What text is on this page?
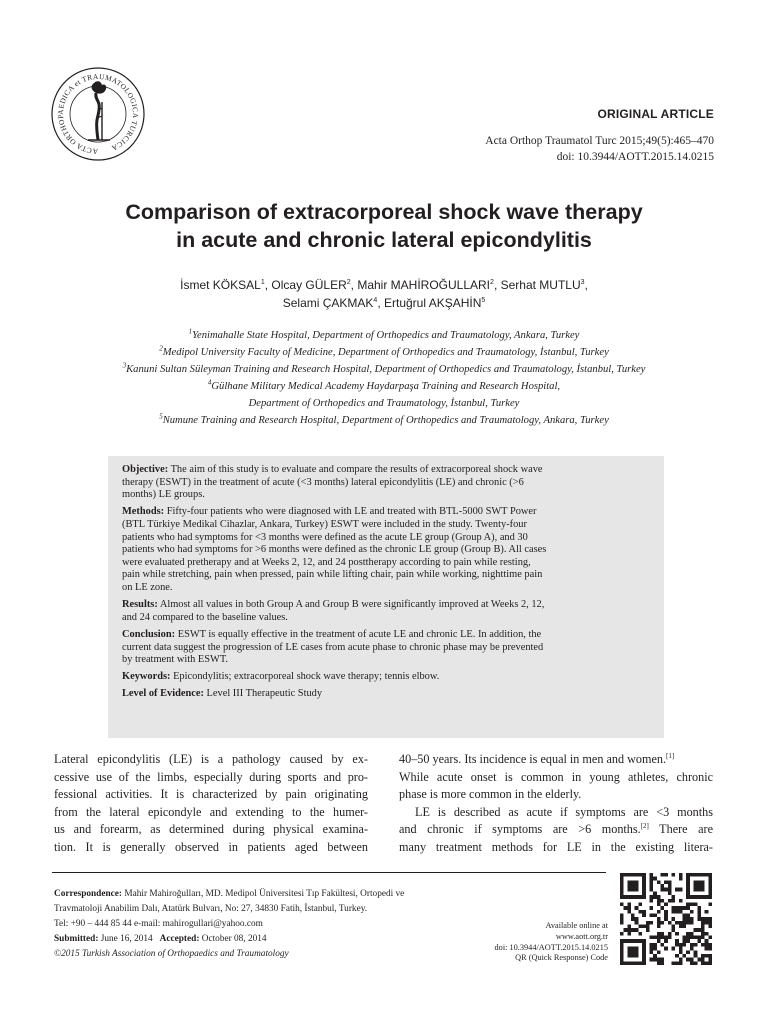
ACTA ORTHOPAEDICA et TRAUMATOLOGICA TURCICA
ORIGINAL ARTICLE
Acta Orthop Traumatol Turc 2015;49(5):465–470
doi: 10.3944/AOTT.2015.14.0215
Comparison of extracorporeal shock wave therapy
in acute and chronic lateral epicondylitis
İsmet KÖKSAL$^1$, Olcay GÜLER$^2$, Mahir MAHİROĞULLARI$^2$, Serhat MUTLU$^3$,
Selami ÇAKMAK$^4$, Ertuğrul AKŞAHİN$^5$
$^1$Yenimahalle State Hospital, Department of Orthopedics and Traumatology, Ankara, Turkey
$^2$Medipol University Faculty of Medicine, Department of Orthopedics and Traumatology, İstanbul, Turkey
$^3$Kanuni Sultan Süleyman Training and Research Hospital, Department of Orthopedics and Traumatology, İstanbul, Turkey
$^4$Gülhane Military Medical Academy Haydarpaşa Training and Research Hospital,
Department of Orthopedics and Traumatology, İstanbul, Turkey
$^5$Numune Training and Research Hospital, Department of Orthopedics and Traumatology, Ankara, Turkey
Objective: The aim of this study is to evaluate and compare the results of extracorporeal shock wave
therapy (ESWT) in the treatment of acute (<3 months) lateral epicondylitis (LE) and chronic (>6
months) LE groups.
Methods: Fifty-four patients who were diagnosed with LE and treated with BTL-5000 SWT Power
(BTL Türkiye Medikal Cihazlar, Ankara, Turkey) ESWT were included in the study. Twenty-four
patients who had symptoms for <3 months were defined as the acute LE group (Group A), and 30
patients who had symptoms for >6 months were defined as the chronic LE group (Group B). All cases
were evaluated pretherapy and at Weeks 2, 12, and 24 posttherapy according to pain while resting,
pain while stretching, pain when pressed, pain while lifting chair, pain while working, nighttime pain
on LE zone.
Results: Almost all values in both Group A and Group B were significantly improved at Weeks 2, 12,
and 24 compared to the baseline values.
Conclusion: ESWT is equally effective in the treatment of acute LE and chronic LE. In addition, the
current data suggest the progression of LE cases from acute phase to chronic phase may be prevented
by treatment with ESWT.
Keywords: Epicondylitis; extracorporeal shock wave therapy; tennis elbow.
Level of Evidence: Level III Therapeutic Study
Lateral epicondylitis (LE) is a pathology caused by ex-
cessive use of the limbs, especially during sports and pro-
fessional activities. It is characterized by pain originating
from the lateral epicondyle and extending to the humer-
us and forearm, as determined during physical examina-
tion. It is generally observed in patients aged between
40–50 years. Its incidence is equal in men and women.[1]
While acute onset is common in young athletes, chronic
phase is more common in the elderly.
LE is described as acute if symptoms are <3 months
and chronic if symptoms are >6 months.[2] There are
many treatment methods for LE in the existing litera-
Correspondence: Mahir Mahiroğulları, MD. Medipol Üniversitesi Tıp Fakültesi, Ortopedi ve
Travmatoloji Anabilim Dalı, Atatürk Bulvarı, No: 27, 34830 Fatih, İstanbul, Turkey.
Tel: +90 – 444 85 44 e-mail: mahirogullari@yahoo.com
Submitted: June 16, 2014 Accepted: October 08, 2014
©2015 Turkish Association of Orthopaedics and Traumatology
Available online at
www.aott.org.tr
doi: 10.3944/AOTT.2015.14.0215
QR (Quick Response) Code
